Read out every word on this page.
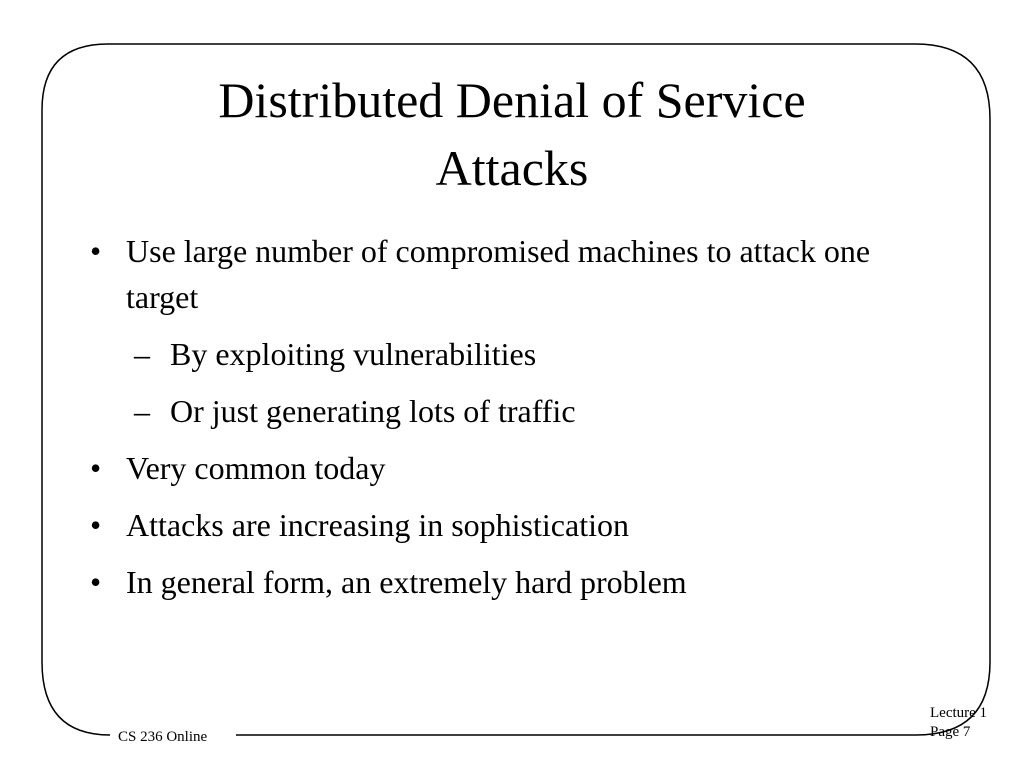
Distributed Denial of Service
Attacks
• Use large number of compromised machines to attack one target
– By exploiting vulnerabilities
– Or just generating lots of traffic
• Very common today
• Attacks are increasing in sophistication
• In general form, an extremely hard problem
CS 236 Online
Lecture 1
Page 7
